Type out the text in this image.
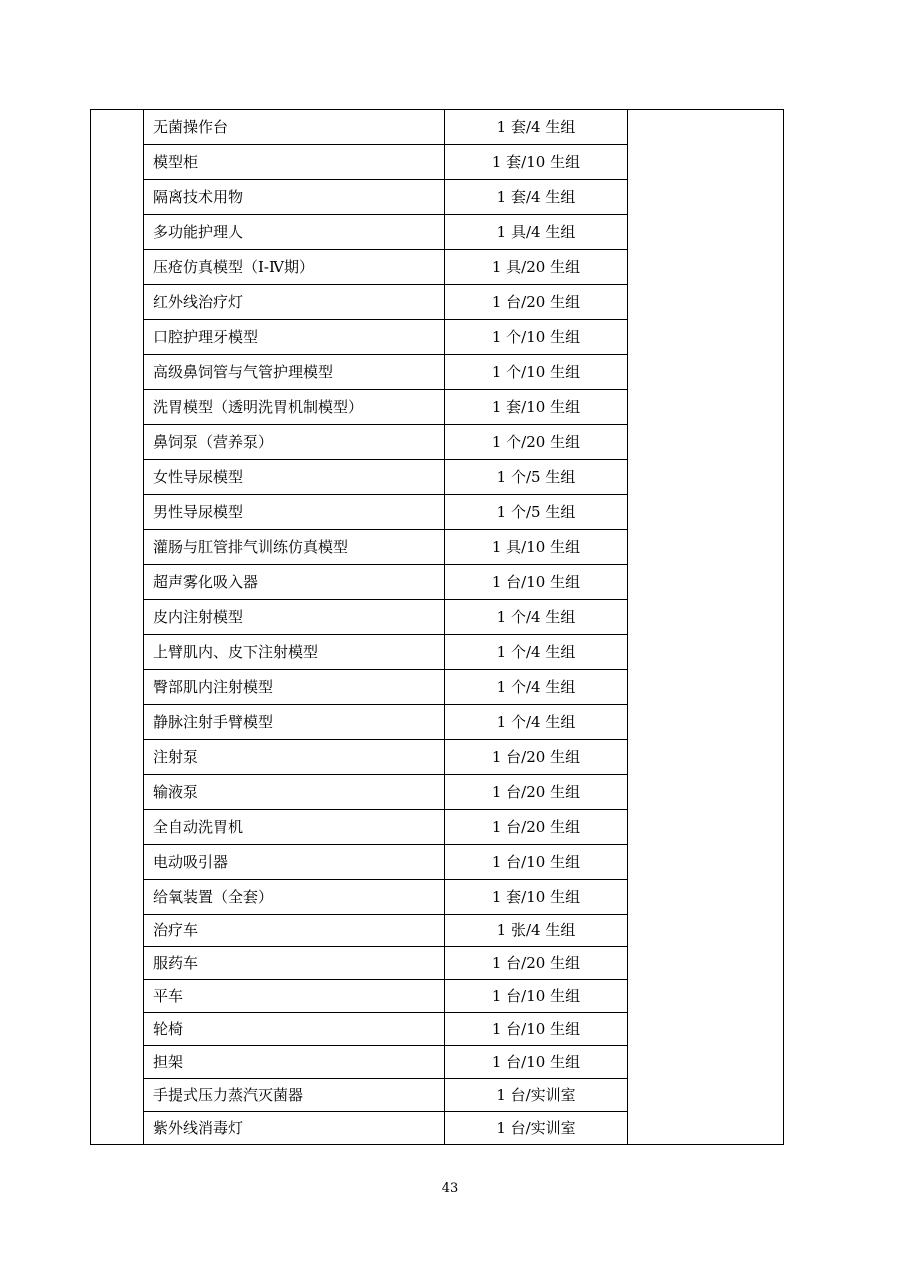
	无菌操作台	1 套/4 生组	
	模型柜	1 套/10 生组	
	隔离技术用物	1 套/4 生组	
	多功能护理人	1 具/4 生组	
	压疮仿真模型（Ⅰ-Ⅳ期）	1 具/20 生组	
	红外线治疗灯	1 台/20 生组	
	口腔护理牙模型	1 个/10 生组	
	高级鼻饲管与气管护理模型	1 个/10 生组	
	洗胃模型（透明洗胃机制模型）	1 套/10 生组	
	鼻饲泵（营养泵）	1 个/20 生组	
	女性导尿模型	1 个/5 生组	
	男性导尿模型	1 个/5 生组	
	灌肠与肛管排气训练仿真模型	1 具/10 生组	
	超声雾化吸入器	1 台/10 生组	
	皮内注射模型	1 个/4 生组	
	上臂肌内、皮下注射模型	1 个/4 生组	
	臀部肌内注射模型	1 个/4 生组	
	静脉注射手臂模型	1 个/4 生组	
	注射泵	1 台/20 生组	
	输液泵	1 台/20 生组	
	全自动洗胃机	1 台/20 生组	
	电动吸引器	1 台/10 生组	
	给氧装置（全套）	1 套/10 生组	
	治疗车	1 张/4 生组	
	服药车	1 台/20 生组	
	平车	1 台/10 生组	
	轮椅	1 台/10 生组	
	担架	1 台/10 生组	
	手提式压力蒸汽灭菌器	1 台/实训室	
	紫外线消毒灯	1 台/实训室	
43
